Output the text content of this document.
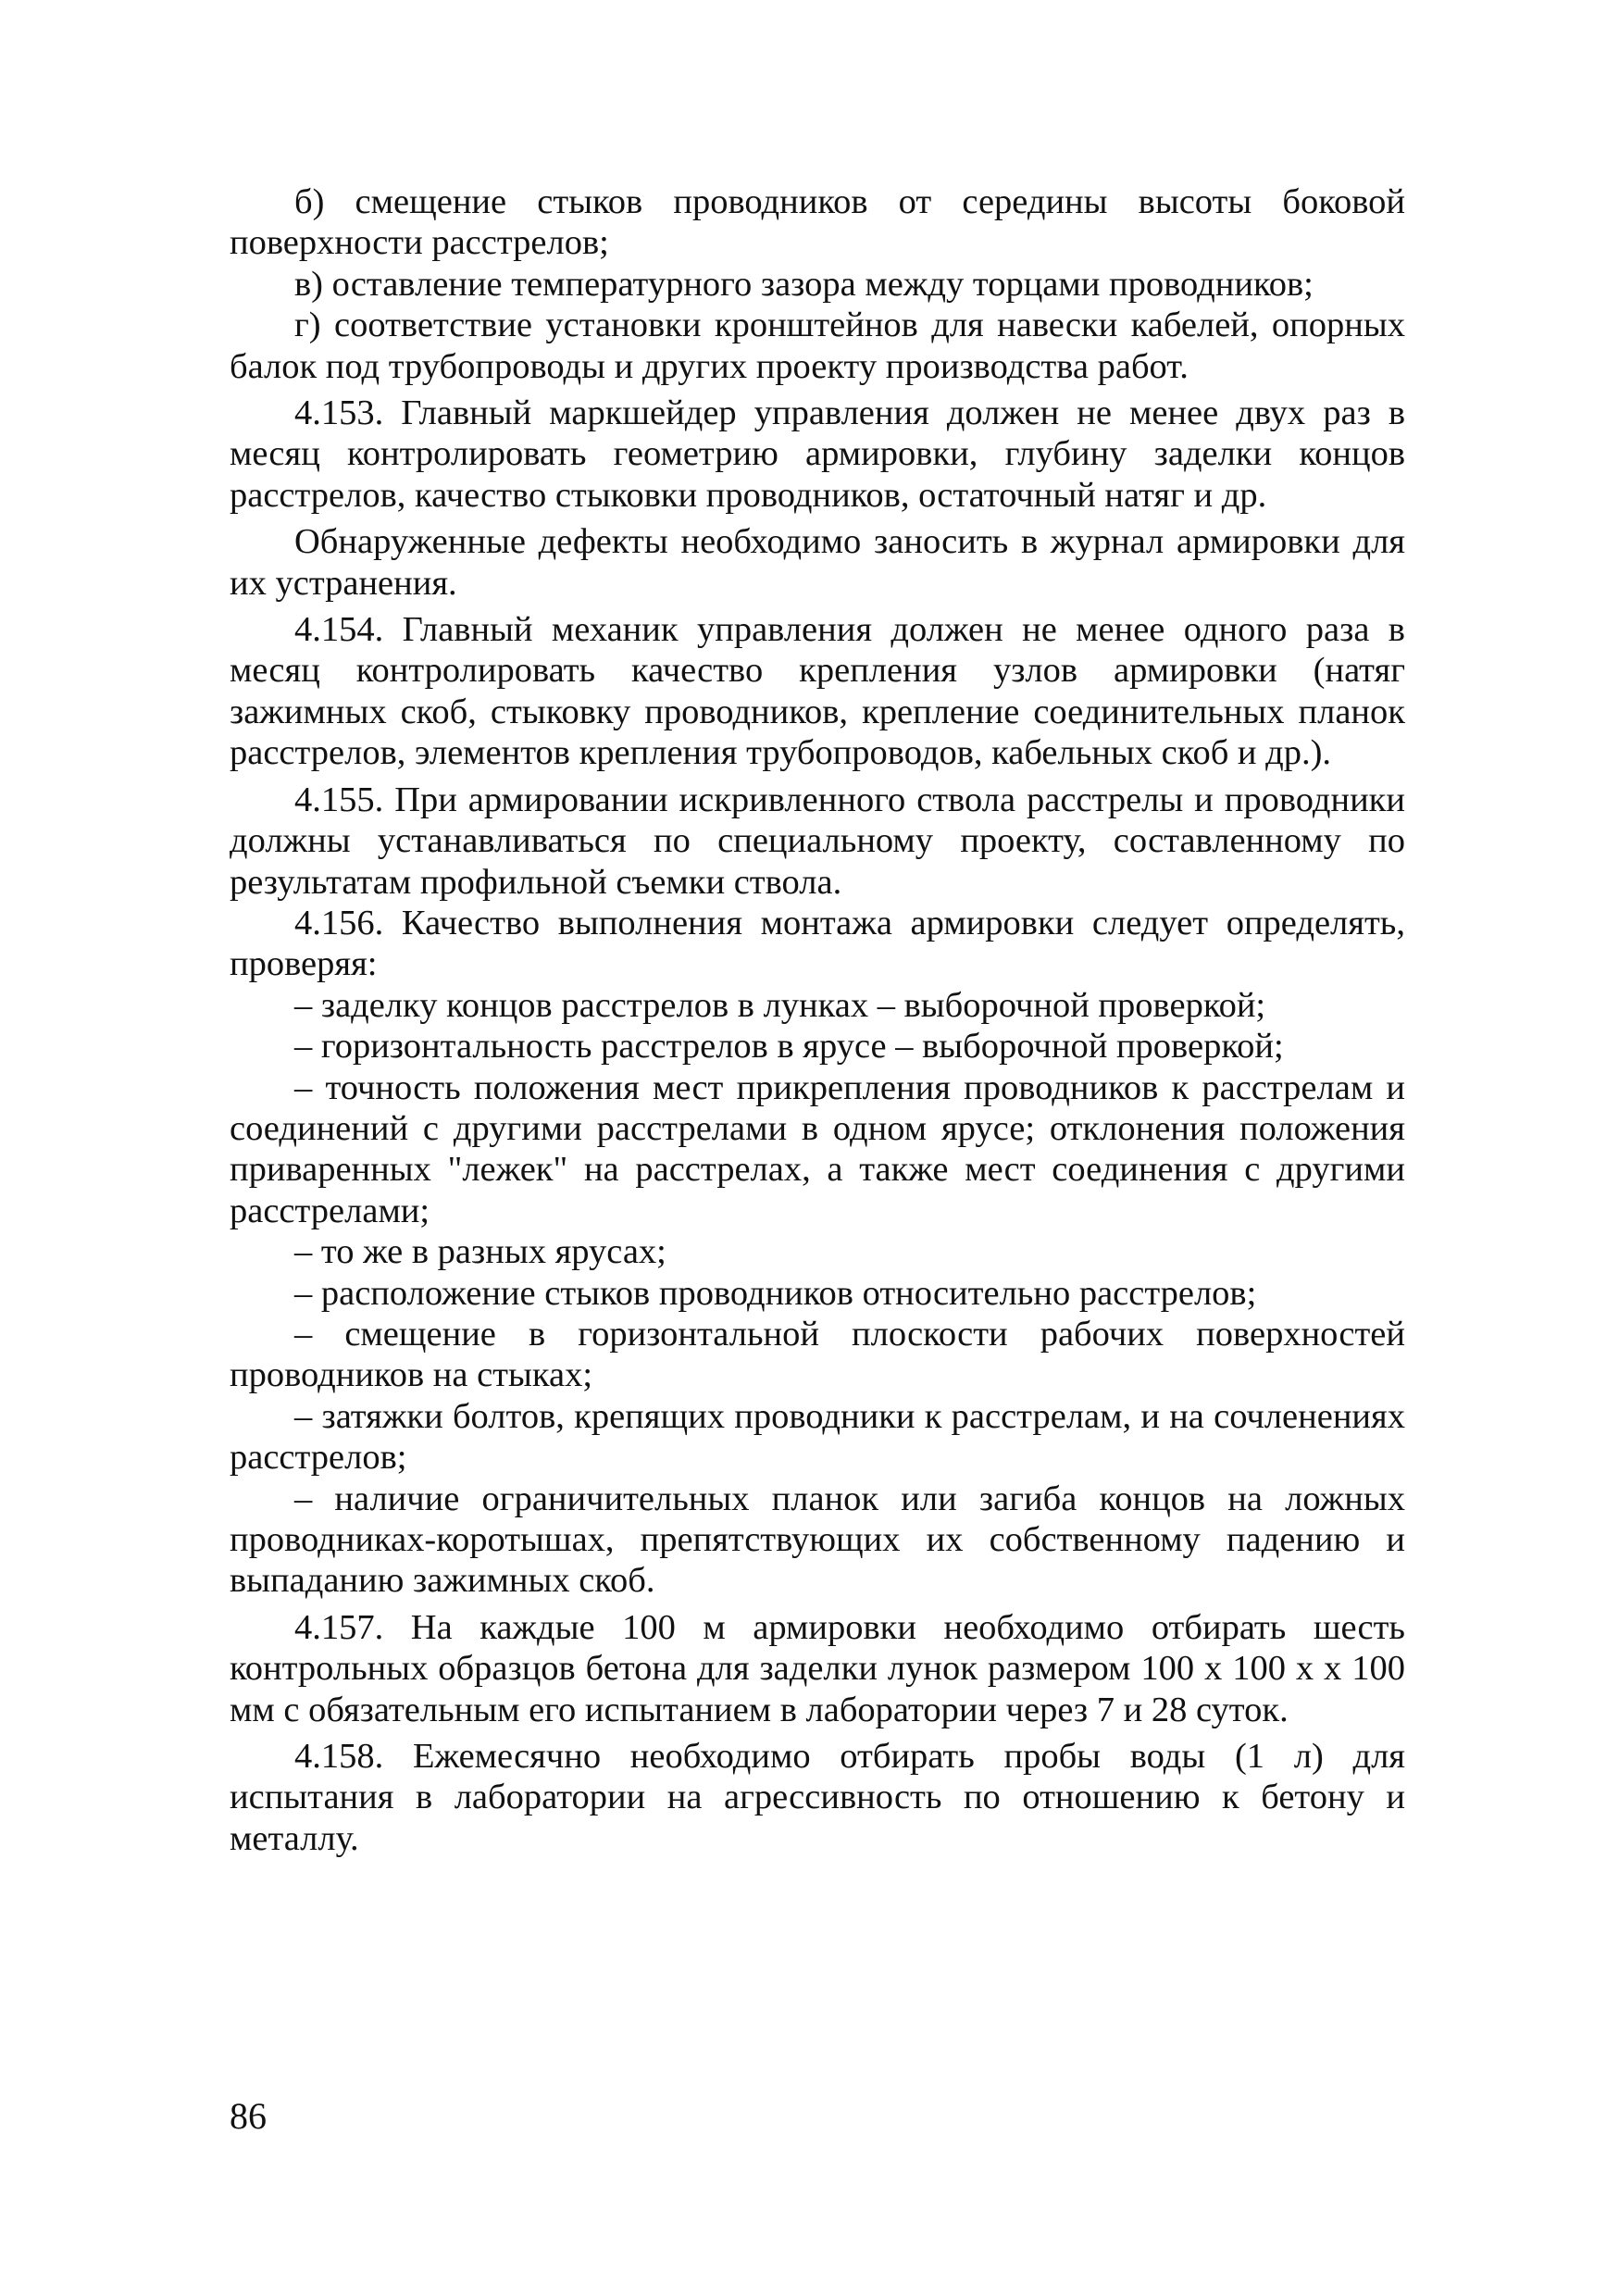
б) смещение стыков проводников от середины высоты боковой поверхности расстрелов;

в) оставление температурного зазора между торцами проводников;

г) соответствие установки кронштейнов для навески кабелей, опорных балок под трубопроводы и других проекту производства работ.

4.153. Главный маркшейдер управления должен не менее двух раз в месяц контролировать геометрию армировки, глубину заделки концов расстрелов, качество стыковки проводников, остаточный натяг и др.

Обнаруженные дефекты необходимо заносить в журнал армировки для их устранения.

4.154. Главный механик управления должен не менее одного раза в месяц контролировать качество крепления узлов армировки (натяг зажимных скоб, стыковку проводников, крепление соединительных планок расстрелов, элементов крепления трубопроводов, кабельных скоб и др.).

4.155. При армировании искривленного ствола расстрелы и проводники должны устанавливаться по специальному проекту, составленному по результатам профильной съемки ствола.

4.156. Качество выполнения монтажа армировки следует определять, проверяя:

– заделку концов расстрелов в лунках – выборочной проверкой;

– горизонтальность расстрелов в ярусе – выборочной проверкой;

– точность положения мест прикрепления проводников к расстрелам и соединений с другими расстрелами в одном ярусе; отклонения положения приваренных "лежек" на расстрелах, а также мест соединения с другими расстрелами;

– то же в разных ярусах;

– расположение стыков проводников относительно расстрелов;

– смещение в горизонтальной плоскости рабочих поверхностей проводников на стыках;

– затяжки болтов, крепящих проводники к расстрелам, и на сочленениях расстрелов;

– наличие ограничительных планок или загиба концов на ложных проводниках-коротышах, препятствующих их собственному падению и выпаданию зажимных скоб.

4.157. На каждые 100 м армировки необходимо отбирать шесть контрольных образцов бетона для заделки лунок размером 100 х 100 х х 100 мм с обязательным его испытанием в лаборатории через 7 и 28 суток.

4.158. Ежемесячно необходимо отбирать пробы воды (1 л) для испытания в лаборатории на агрессивность по отношению к бетону и металлу.

86
